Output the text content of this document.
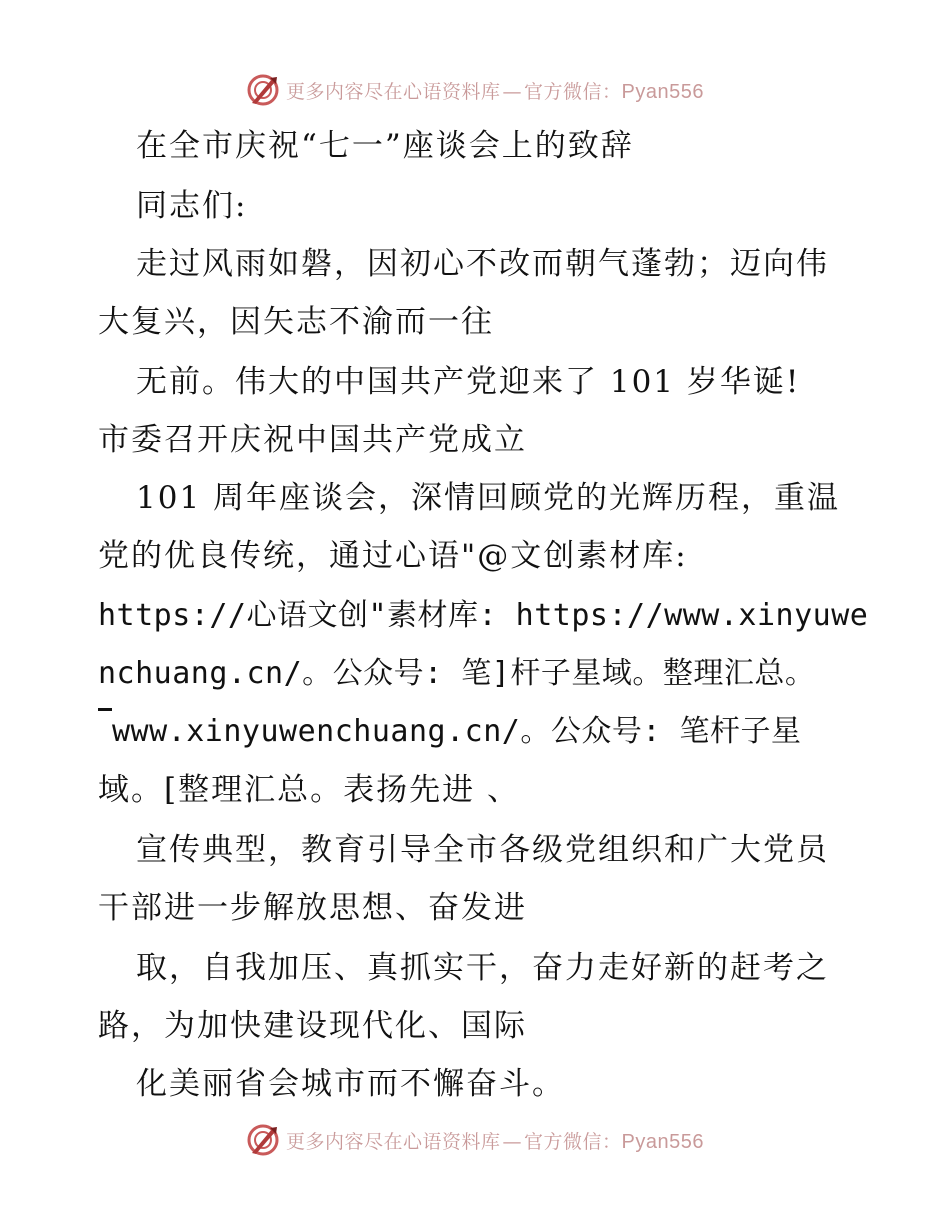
更多内容尽在心语资料库 — 官方微信：Pyan556
在全市庆祝“七一”座谈会上的致辞
同志们:
走过风雨如磐，因初心不改而朝气蓬勃；迈向伟
大复兴，因矢志不渝而一往
无前。伟大的中国共产党迎来了 101 岁华诞!
市委召开庆祝中国共产党成立
101 周年座谈会，深情回顾党的光辉历程，重温
党的优良传统，通过心语"@文创素材库:
https://心语文创"素材库: https://www.xinyuwe
nchuang.cn/。公众号: 笔]杆子星域。整理汇总。
www.xinyuwenchuang.cn/。公众号: 笔杆子星
域。[整理汇总。表扬先进 、
宣传典型，教育引导全市各级党组织和广大党员
干部进一步解放思想、奋发进
取，自我加压、真抓实干，奋力走好新的赶考之
路，为加快建设现代化、国际
化美丽省会城市而不懈奋斗。
更多内容尽在心语资料库 — 官方微信：Pyan556
